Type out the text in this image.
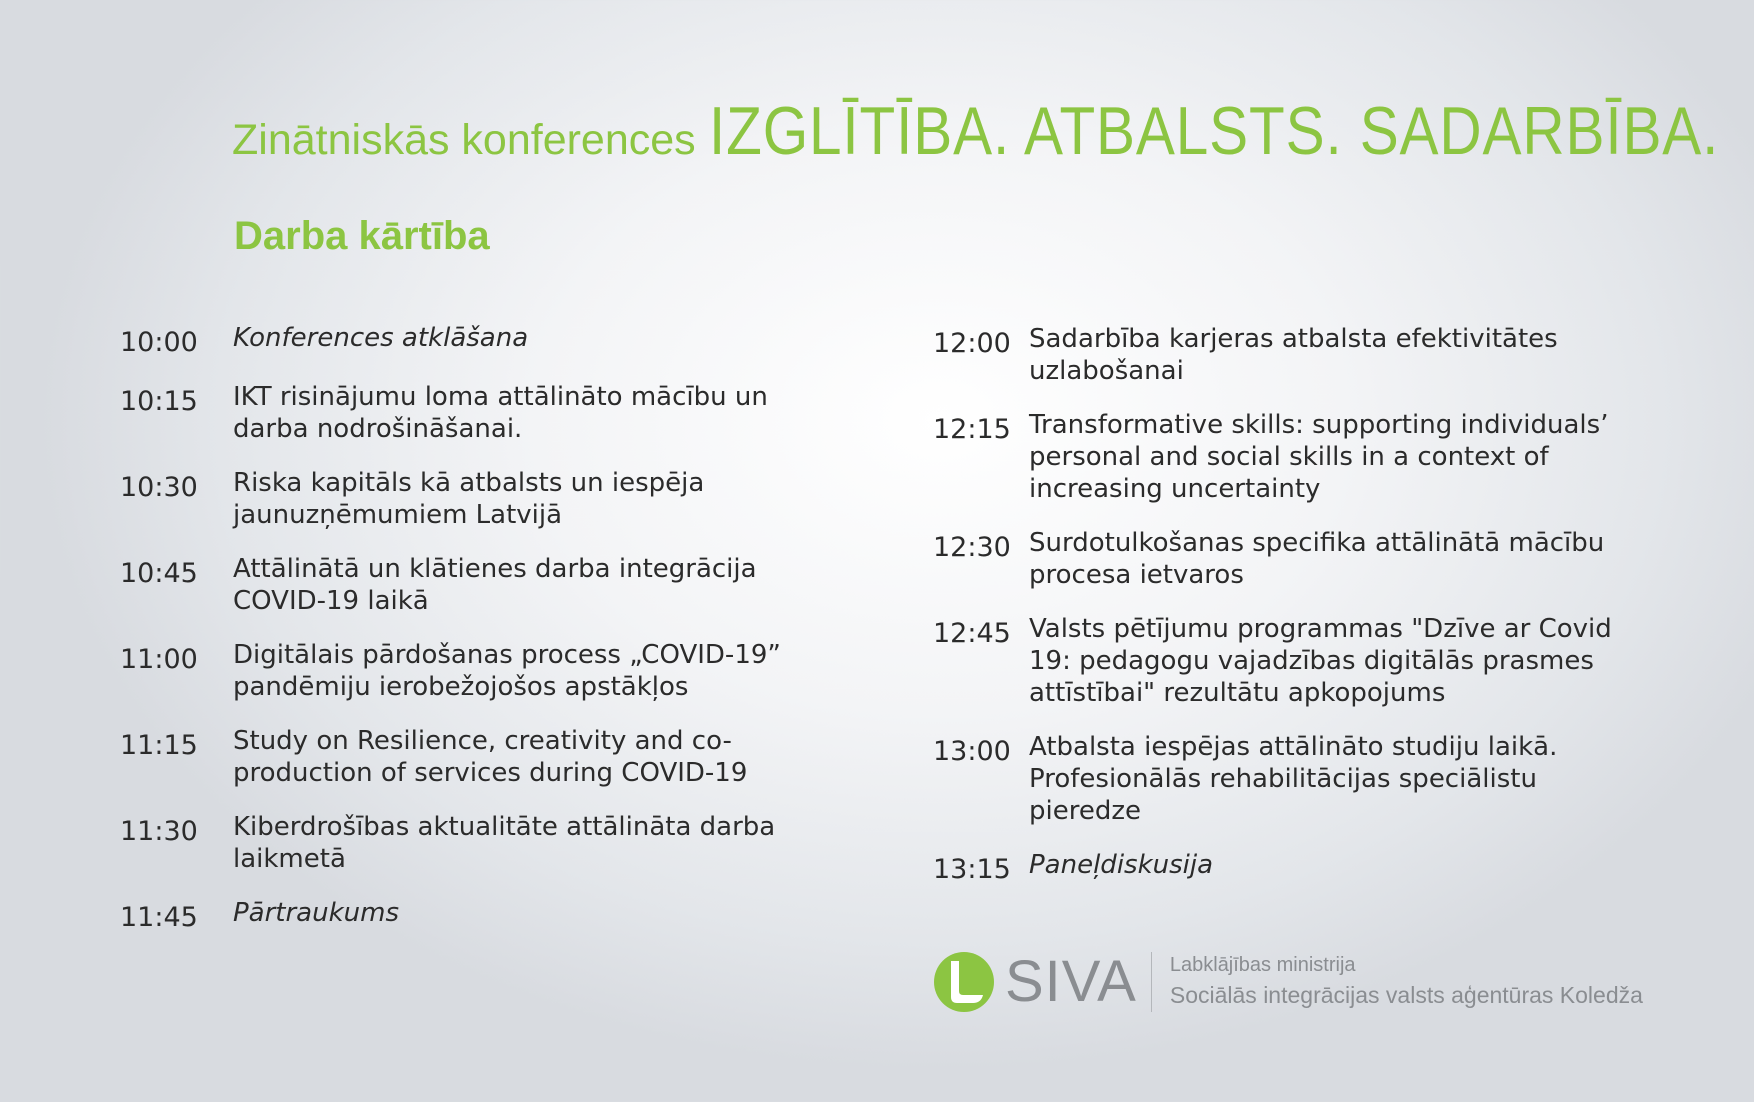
Zinātniskās konferences IZGLĪTĪBA. ATBALSTS. SADARBĪBA.
Darba kārtība
10:00	Konferences atklāšana
10:15	IKT risinājumu loma attālināto mācību un darba nodrošināšanai.
10:30	Riska kapitāls kā atbalsts un iespēja jaunuzņēmumiem Latvijā
10:45	Attālinātā un klātienes darba integrācija COVID-19 laikā
11:00	Digitālais pārdošanas process „COVID-19” pandēmiju ierobežojošos apstākļos
11:15	Study on Resilience, creativity and co-production of services during COVID-19
11:30	Kiberdrošības aktualitāte attālināta darba laikmetā
11:45	Pārtraukums
12:00 Sadarbība karjeras atbalsta efektivitātes uzlabošanai
12:15 Transformative skills: supporting individuals’ personal and social skills in a context of increasing uncertainty
12:30 Surdotulkošanas specifika attālinātā mācību procesa ietvaros
12:45 Valsts pētījumu programmas "Dzīve ar Covid 19: pedagogu vajadzības digitālās prasmes attīstībai" rezultātu apkopojums
13:00 Atbalsta iespējas attālināto studiju laikā. Profesionālās rehabilitācijas speciālistu pieredze
13:15 Paneļdiskusija
SIVA Labklājības ministrija
Sociālās integrācijas valsts aģentūras Koledža
